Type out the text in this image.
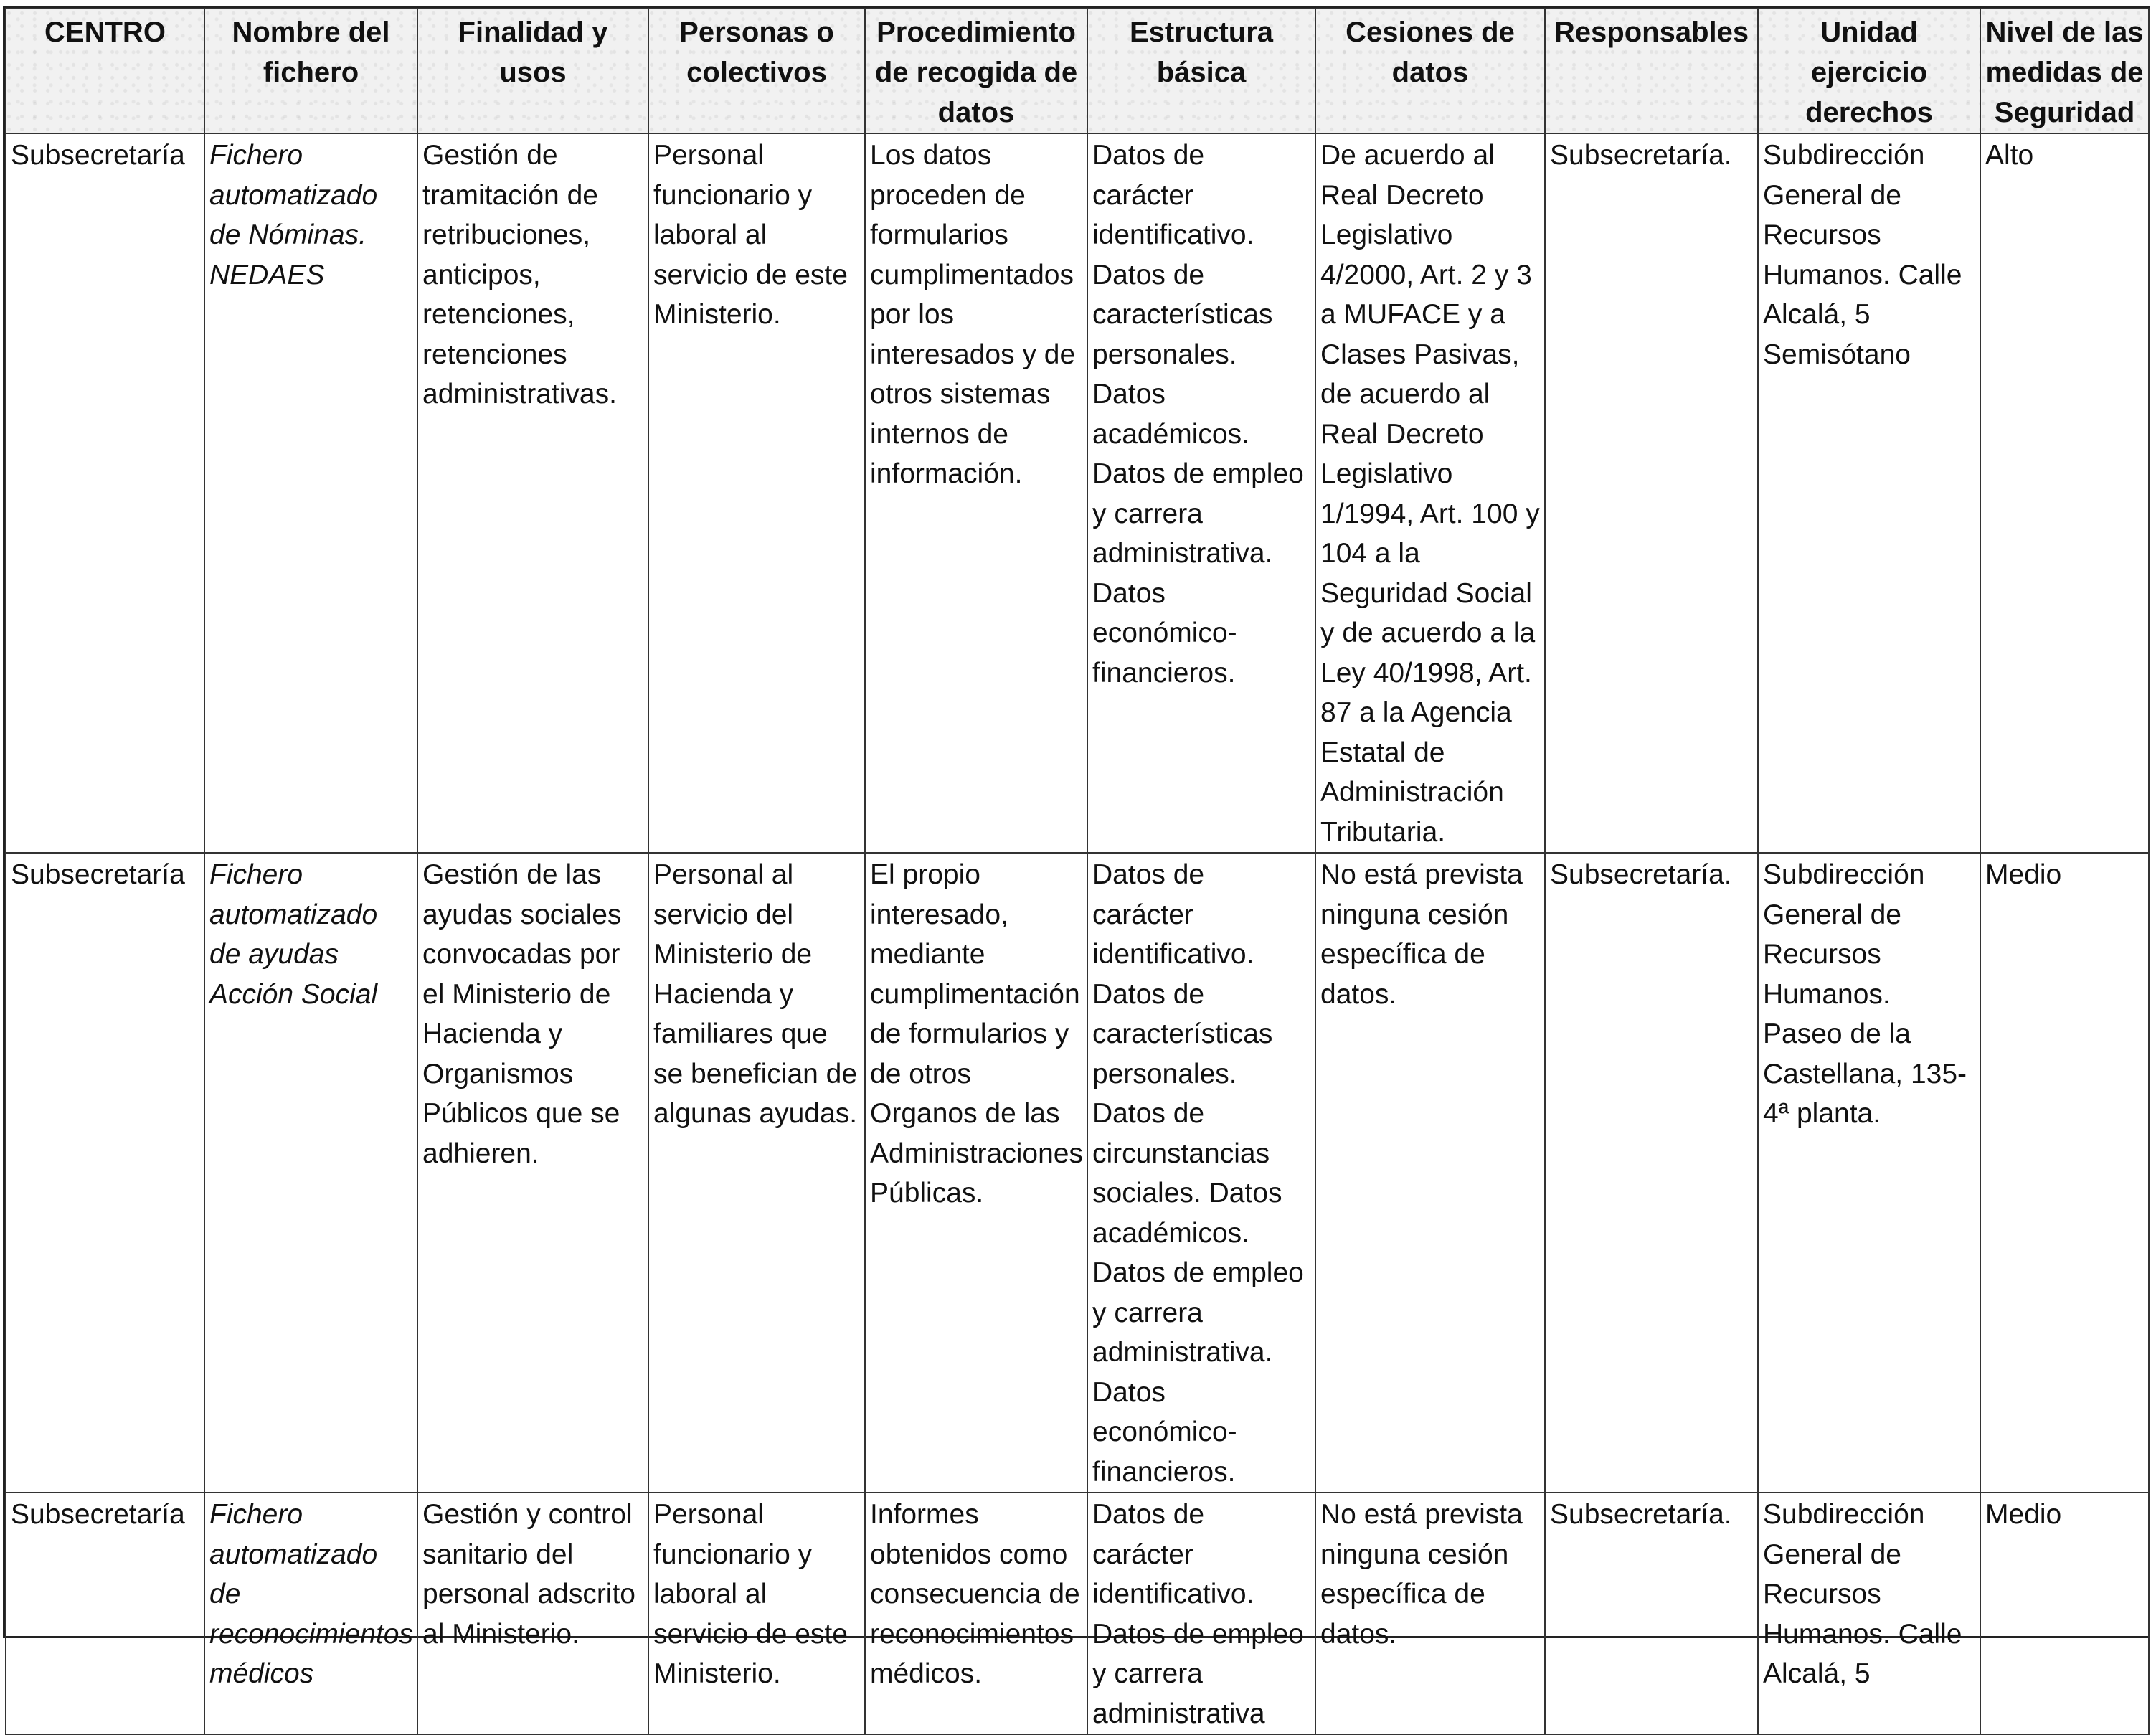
CENTRO	Nombre del fichero	Finalidad y usos	Personas o colectivos	Procedimiento de recogida de datos	Estructura básica	Cesiones de datos	Responsables	Unidad ejercicio derechos	Nivel de las medidas de Seguridad
Subsecretaría	Fichero automatizado de Nóminas. NEDAES	Gestión de tramitación de retribuciones, anticipos, retenciones, retenciones administrativas.	Personal funcionario y laboral al servicio de este Ministerio.	Los datos proceden de formularios cumplimentados por los interesados y de otros sistemas internos de información.	Datos de carácter identificativo. Datos de características personales. Datos académicos. Datos de empleo y carrera administrativa. Datos económico-financieros.	De acuerdo al Real Decreto Legislativo 4/2000, Art. 2 y 3 a MUFACE y a Clases Pasivas, de acuerdo al Real Decreto Legislativo 1/1994, Art. 100 y 104 a la Seguridad Social y de acuerdo a la Ley 40/1998, Art. 87 a la Agencia Estatal de Administración Tributaria.	Subsecretaría.	Subdirección General de Recursos Humanos. Calle Alcalá, 5 Semisótano	Alto
Subsecretaría	Fichero automatizado de ayudas Acción Social	Gestión de las ayudas sociales convocadas por el Ministerio de Hacienda y Organismos Públicos que se adhieren.	Personal al servicio del Ministerio de Hacienda y familiares que se benefician de algunas ayudas.	El propio interesado, mediante cumplimentación de formularios y de otros Organos de las Administraciones Públicas.	Datos de carácter identificativo. Datos de características personales. Datos de circunstancias sociales. Datos académicos. Datos de empleo y carrera administrativa. Datos económico-financieros.	No está prevista ninguna cesión específica de datos.	Subsecretaría.	Subdirección General de Recursos Humanos. Paseo de la Castellana, 135-4ª planta.	Medio
Subsecretaría	Fichero automatizado de reconocimientos médicos	Gestión y control sanitario del personal adscrito al Ministerio.	Personal funcionario y laboral al servicio de este Ministerio.	Informes obtenidos como consecuencia de reconocimientos médicos.	Datos de carácter identificativo. Datos de empleo y carrera administrativa	No está prevista ninguna cesión específica de datos.	Subsecretaría.	Subdirección General de Recursos Humanos. Calle Alcalá, 5	Medio
